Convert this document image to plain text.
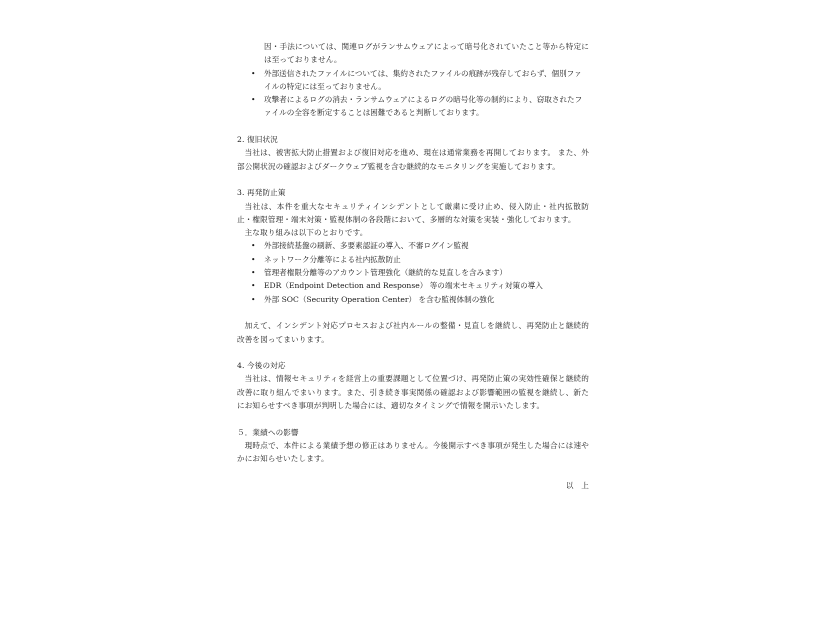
因・手法については、関連ログがランサムウェアによって暗号化されていたこと等から特定には至っておりません。

• 外部送信されたファイルについては、集約されたファイルの痕跡が残存しておらず、個別ファイルの特定には至っておりません。
• 攻撃者によるログの消去・ランサムウェアによるログの暗号化等の制約により、窃取されたファイルの全容を断定することは困難であると判断しております。

2. 復旧状況

当社は、被害拡大防止措置および復旧対応を進め、現在は通常業務を再開しております。 また、外部公開状況の確認およびダークウェブ監視を含む継続的なモニタリングを実施しております。

3. 再発防止策

当社は、本件を重大なセキュリティインシデントとして厳粛に受け止め、侵入防止・社内拡散防止・権限管理・端末対策・監視体制の各段階において、多層的な対策を実装・強化しております。

主な取り組みは以下のとおりです。

• 外部接続基盤の刷新、多要素認証の導入、不審ログイン監視
• ネットワーク分離等による社内拡散防止
• 管理者権限分離等のアカウント管理強化（継続的な見直しを含みます）
• EDR（Endpoint Detection and Response） 等の端末セキュリティ対策の導入
• 外部 SOC（Security Operation Center） を含む監視体制の強化

加えて、インシデント対応プロセスおよび社内ルールの整備・見直しを継続し、再発防止と継続的改善を図ってまいります。

4. 今後の対応

当社は、情報セキュリティを経営上の重要課題として位置づけ、再発防止策の実効性確保と継続的改善に取り組んでまいります。また、引き続き事実関係の確認および影響範囲の監視を継続し、新たにお知らせすべき事項が判明した場合には、適切なタイミングで情報を開示いたします。

５．業績への影響

現時点で、本件による業績予想の修正はありません。今後開示すべき事項が発生した場合には速やかにお知らせいたします。

以　上
